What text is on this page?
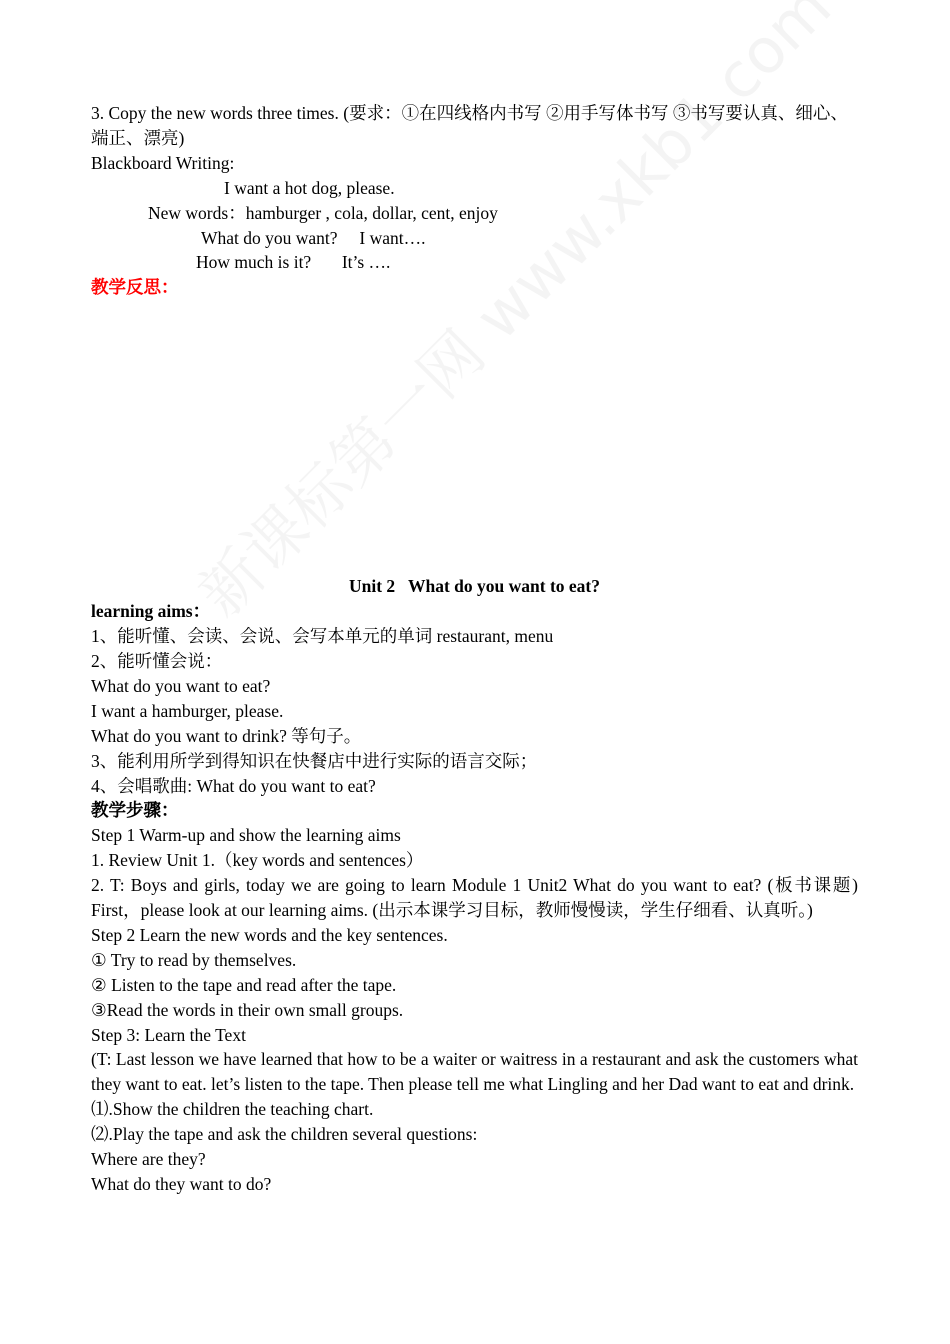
3. Copy the new words three times. (要求：①在四线格内书写 ②用手写体书写 ③书写要认真、细心、端正、漂亮)
Blackboard Writing:
I want a hot dog, please.
New words：hamburger , cola, dollar, cent, enjoy
What do you want?     I want….
How much is it?       It’s ….
教学反思：
Unit 2   What do you want to eat?
learning aims：
1、能听懂、会读、会说、会写本单元的单词 restaurant, menu
2、能听懂会说：
What do you want to eat?
I want a hamburger, please.
What do you want to drink? 等句子。
3、能利用所学到得知识在快餐店中进行实际的语言交际；
4、会唱歌曲: What do you want to eat?
教学步骤：
Step 1 Warm-up and show the learning aims
1. Review Unit 1.（key words and sentences）
2. T: Boys and girls, today we are going to learn Module 1 Unit2 What do you want to eat? (板书课题) First，please look at our learning aims. (出示本课学习目标，教师慢慢读，学生仔细看、认真听。)
Step 2 Learn the new words and the key sentences.
① Try to read by themselves.
② Listen to the tape and read after the tape.
③Read the words in their own small groups.
Step 3: Learn the Text
(T: Last lesson we have learned that how to be a waiter or waitress in a restaurant and ask the customers what they want to eat. let’s listen to the tape. Then please tell me what Lingling and her Dad want to eat and drink.
⑴.Show the children the teaching chart.
⑵.Play the tape and ask the children several questions:
Where are they?
What do they want to do?
